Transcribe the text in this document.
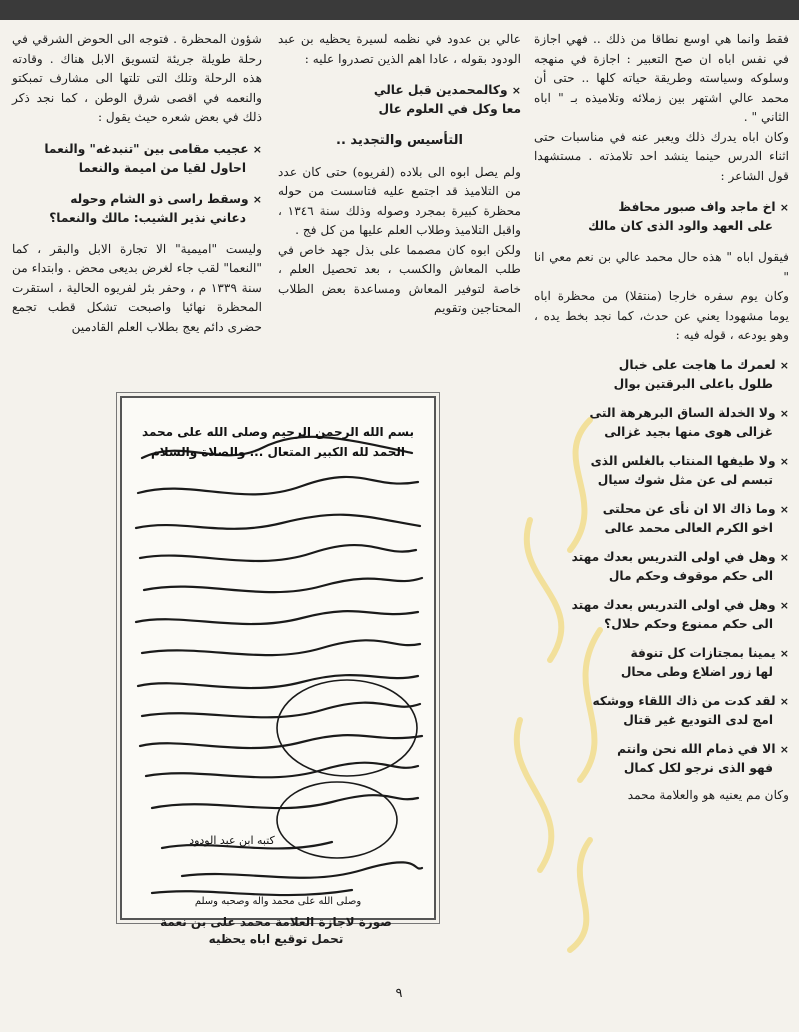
فقط وانما هي اوسع نطاقا من ذلك .. فهي اجازة في نفس اباه ان صح التعبير : اجازة في منهجه وسلوكه وسياسته وطريقة حياته كلها .. حتى أن محمد عالي اشتهر بين زملائه وتلاميذه بـ " اباه الثاني " .

وكان اباه يدرك ذلك ويعبر عنه في مناسبات حتى اثناء الدرس حينما ينشد احد تلامذته . مستشهدا قول الشاعر :

× اخ ماجد واف صبور محافظ
على العهد والود الذى كان مالك

فيقول اباه " هذه حال محمد عالي بن نعم معي انا "

وكان يوم سفره خارجا (منتقلا) من محظرة اباه يوما مشهودا يعني عن حدث، كما نجد بخط يده ، وهو يودعه ، قوله فيه :

× لعمرك ما هاجت على خبال
طلول باعلى البرقتين بوال
× ولا الخدلة الساق البرهرهة التى
غزالى هوى منها بجيد غزالى
× ولا طيفها المنتاب بالغلس الذى
تبسم لى عن مثل شوك سيال
× وما ذاك الا ان نأى عن محلتى
اخو الكرم العالى محمد عالى
× وهل في اولى التدريس بعدك مهتد
الى حكم موقوف وحكم مال
× وهل في اولى التدريس بعدك مهتد
الى حكم ممنوع وحكم حلال؟
× يمينا بمجتازات كل تنوفة
لها زور اضلاع وطى محال
× لقد كدت من ذاك اللقاء ووشكه
امج لدى التوديع غير قتال
× الا في ذمام الله نحن وانتم
فهو الذى نرجو لكل كمال

وكان مم يعنيه هو والعلامة محمد

عالي بن عدود في نظمه لسيرة يحظيه بن عبد الودود بقوله ، عادا اهم الذين تصدروا عليه :

× وكالمحمدين قبل عالي
معا وكل في العلوم عال
التأسيس والتجديد ..

ولم يصل ابوه الى بلاده (لفريوه) حتى كان عدد من التلاميذ قد اجتمع عليه فتاسست من حوله محظرة كبيرة بمجرد وصوله وذلك سنة ١٣٤٦ ، واقبل التلاميذ وطلاب العلم عليها من كل فج .

ولكن ابوه كان مصمما على بذل جهد خاص في طلب المعاش والكسب ، بعد تحصيل العلم ، خاصة لتوفير المعاش ومساعدة بعض الطلاب المحتاجين وتقويم

شؤون المحظرة . فتوجه الى الحوض الشرقي في رحلة طويلة جريئة لتسويق الابل هناك . وقادته هذه الرحلة وتلك التى تلتها الى مشارف تمبكتو والنعمه في اقصى شرق الوطن ، كما نجد ذكر ذلك في بعض شعره حيث يقول :

× عجيب مقامى بين "تنبدغه" والنعما
احاول لقيا من اميمة والنعما
× وسقط راسى ذو الشام وحوله
دعاني نذير الشيب: مالك والنعما؟

وليست "اميمية" الا تجارة الابل والبقر ، كما "النعما" لقب جاء لغرض بديعى محض . وابتداء من سنة ١٣٣٩ م ، وحفر بئر لفريوه الحالية ، استقرت المحظرة نهائيا واصبحت تشكل قطب تجمع حضرى دائم يعج بطلاب العلم القادمين

بسم الله الرحمن الرحيم وصلى الله على محمد
الحمد لله الكبير المتعال ... والصلاة والسلام
كتبه ابن عبد الودود
وصلى الله على محمد وآله وصحبه وسلم
صورة لاجازة العلامة محمد على بن نعمة
تحمل توقيع اباه يحظيه
٩
